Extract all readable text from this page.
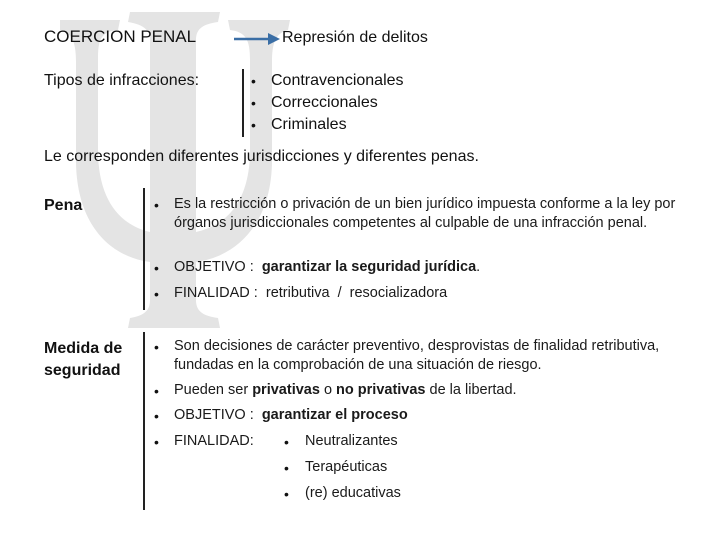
COERCION PENAL	Represión de delitos
Tipos de infracciones:	• Contravencionales
• Correccionales
• Criminales
Le corresponden diferentes jurisdicciones y diferentes penas.
Pena	• Es la restricción o privación de un bien jurídico impuesta conforme a la ley por órganos jurisdiccionales competentes al culpable de una infracción penal.
• OBJETIVO : garantizar la seguridad jurídica.
• FINALIDAD : retributiva  /  resocializadora
Medida de
seguridad
• Son decisiones de carácter preventivo, desprovistas de finalidad retributiva, fundadas en la comprobación de una situación de riesgo.
• Pueden ser privativas o no privativas de la libertad.
• OBJETIVO : garantizar el proceso
• FINALIDAD: • Neutralizantes
• Terapéuticas
• (re) educativas
